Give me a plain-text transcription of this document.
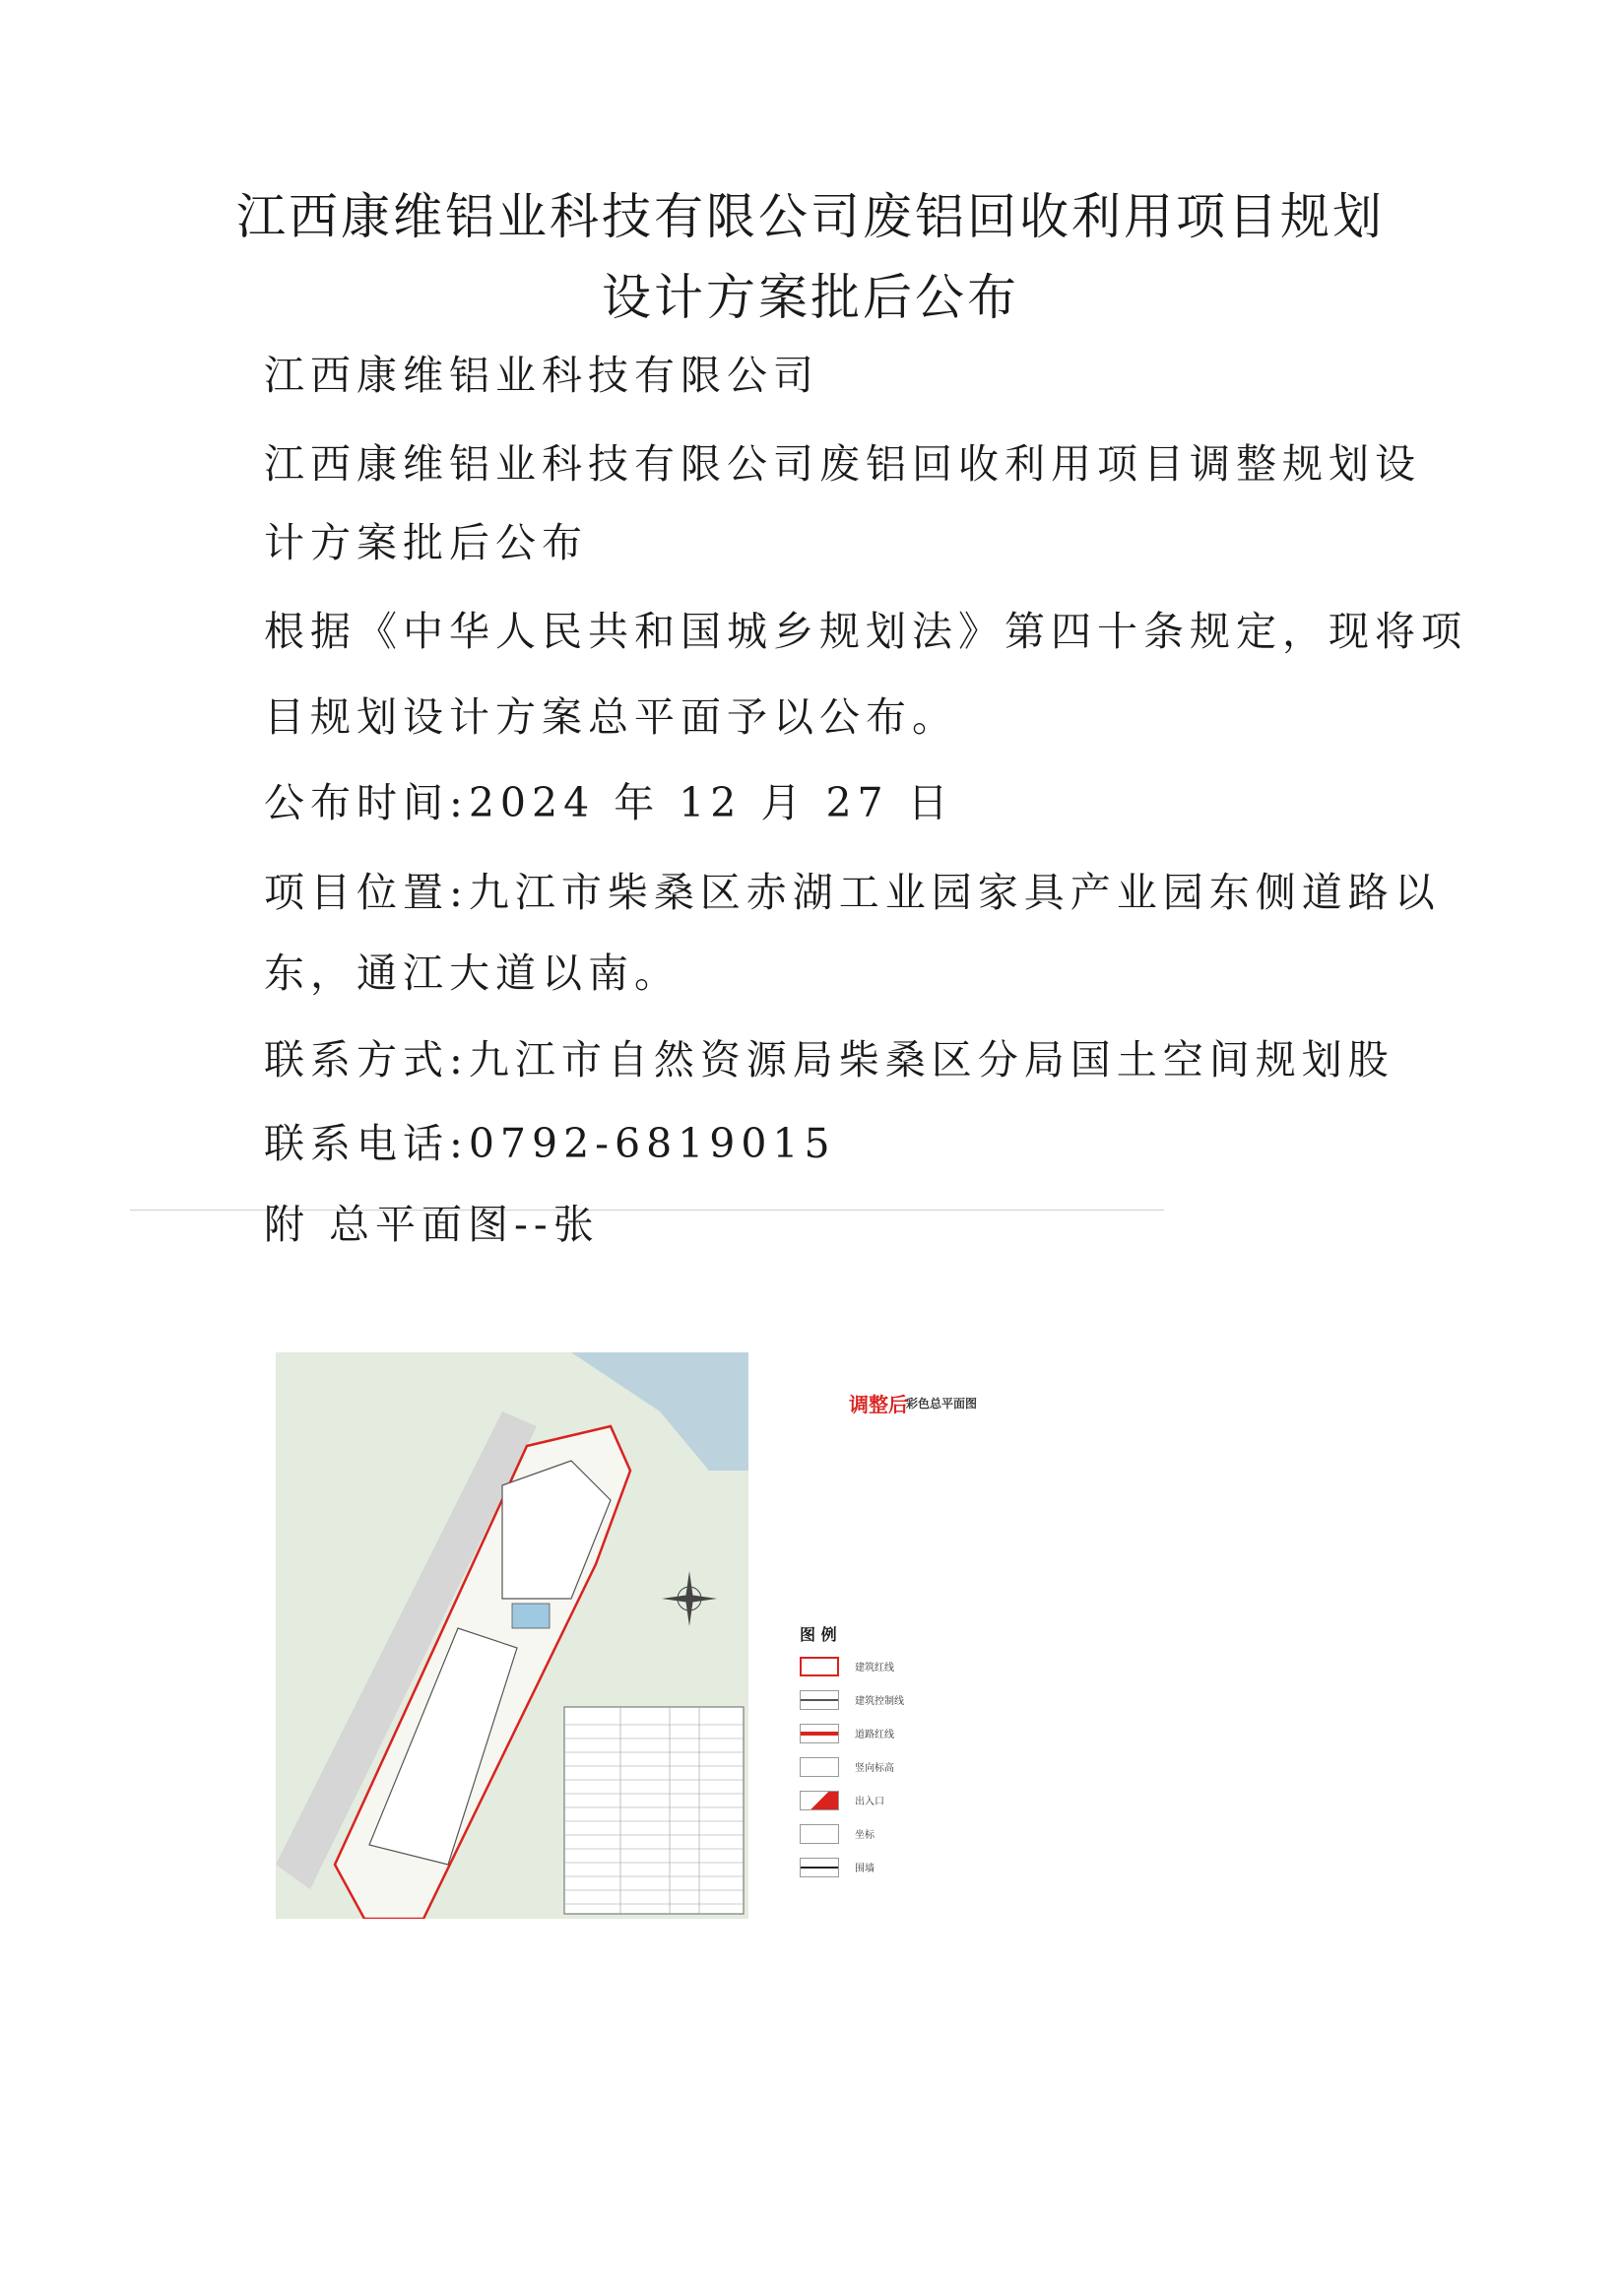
江西康维铝业科技有限公司废铝回收利用项目规划
设计方案批后公布
江西康维铝业科技有限公司
江西康维铝业科技有限公司废铝回收利用项目调整规划设
计方案批后公布
根据《中华人民共和国城乡规划法》第四十条规定，现将项
目规划设计方案总平面予以公布。
公布时间:2024 年 12 月 27 日
项目位置:九江市柴桑区赤湖工业园家具产业园东侧道路以
东，通江大道以南。
联系方式:九江市自然资源局柴桑区分局国土空间规划股
联系电话:0792-6819015
附 总平面图--张
调整后
彩色总平面图
图 例
建筑红线
建筑控制线
道路红线
竖向标高
出入口
坐标
围墙
